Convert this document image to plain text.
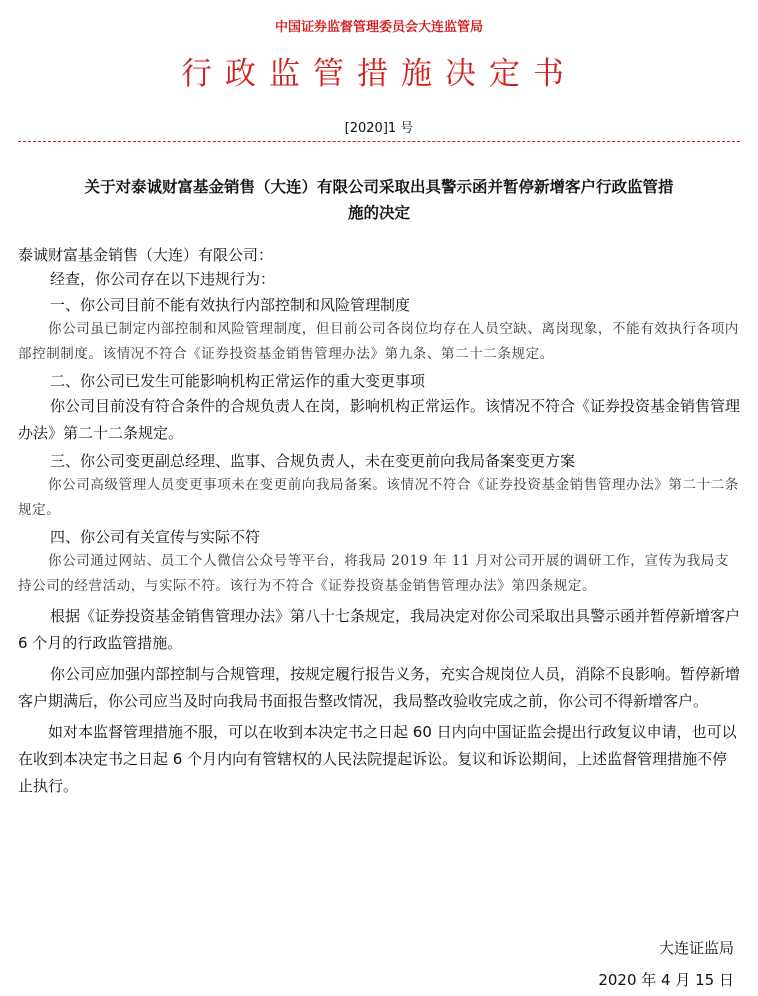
中国证券监督管理委员会大连监管局
行政监管措施决定书
[2020]1 号
关于对泰诚财富基金销售（大连）有限公司采取出具警示函并暂停新增客户行政监管措
施的决定

泰诚财富基金销售（大连）有限公司：

经查，你公司存在以下违规行为：

一、你公司目前不能有效执行内部控制和风险管理制度

你公司虽已制定内部控制和风险管理制度，但目前公司各岗位均存在人员空缺、离岗现象，不能有效执行各项内部控制制度。该情况不符合《证券投资基金销售管理办法》第九条、第二十二条规定。

二、你公司已发生可能影响机构正常运作的重大变更事项

你公司目前没有符合条件的合规负责人在岗，影响机构正常运作。该情况不符合《证券投资基金销售管理办法》第二十二条规定。

三、你公司变更副总经理、监事、合规负责人，未在变更前向我局备案变更方案

你公司高级管理人员变更事项未在变更前向我局备案。该情况不符合《证券投资基金销售管理办法》第二十二条规定。

四、你公司有关宣传与实际不符

你公司通过网站、员工个人微信公众号等平台，将我局 2019 年 11 月对公司开展的调研工作，宣传为我局支持公司的经营活动，与实际不符。该行为不符合《证券投资基金销售管理办法》第四条规定。

根据《证券投资基金销售管理办法》第八十七条规定，我局决定对你公司采取出具警示函并暂停新增客户 6 个月的行政监管措施。

你公司应加强内部控制与合规管理，按规定履行报告义务，充实合规岗位人员，消除不良影响。暂停新增客户期满后，你公司应当及时向我局书面报告整改情况，我局整改验收完成之前，你公司不得新增客户。

如对本监督管理措施不服，可以在收到本决定书之日起 60 日内向中国证监会提出行政复议申请，也可以在收到本决定书之日起 6 个月内向有管辖权的人民法院提起诉讼。复议和诉讼期间，上述监督管理措施不停止执行。

大连证监局
2020 年 4 月 15 日
